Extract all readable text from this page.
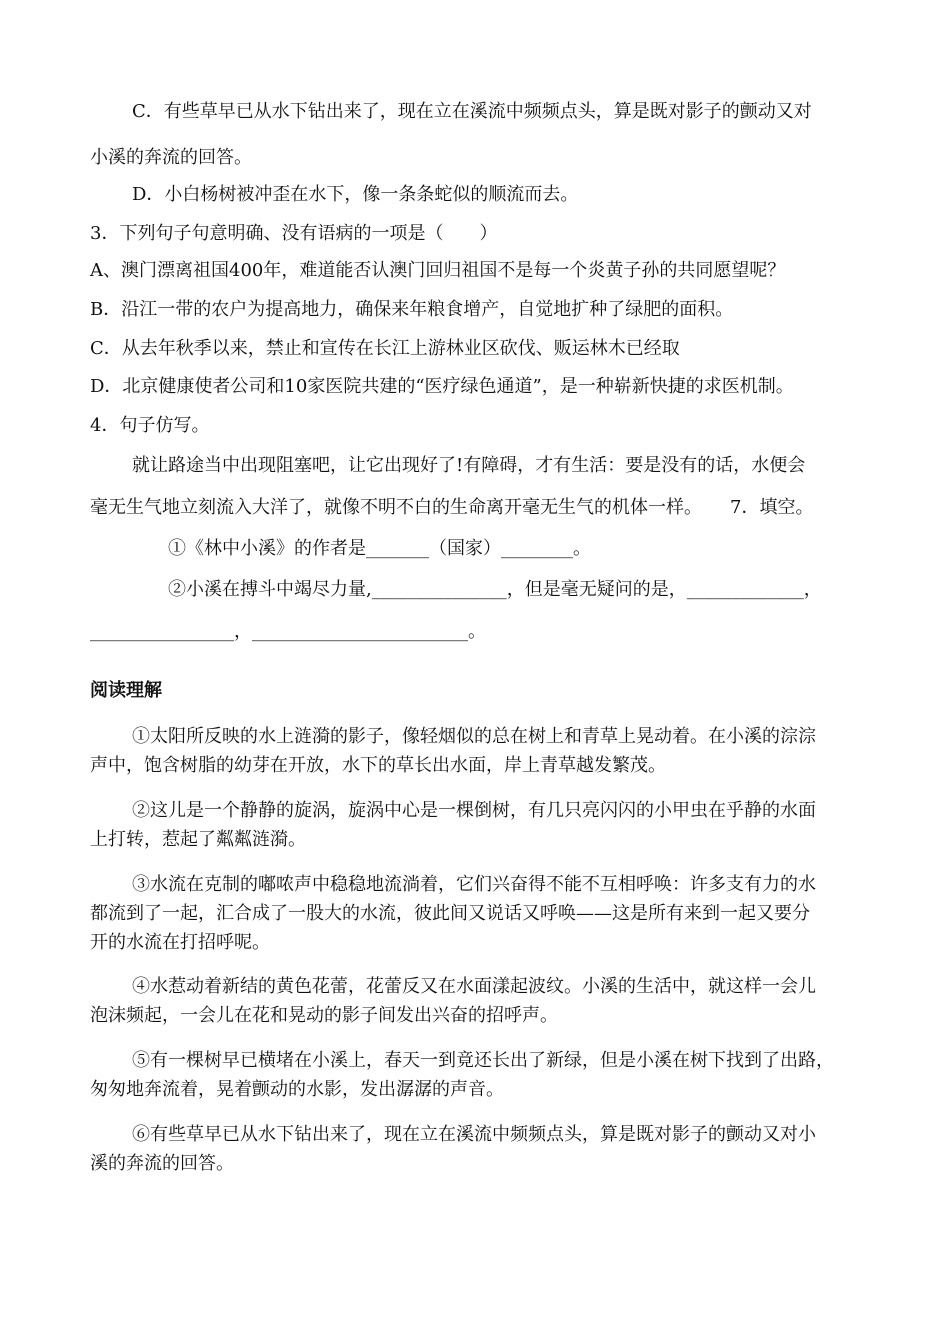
C．有些草早已从水下钻出来了，现在立在溪流中频频点头，算是既对影子的颤动又对
小溪的奔流的回答。
D．小白杨树被冲歪在水下，像一条条蛇似的顺流而去。
3．下列句子句意明确、没有语病的一项是（　　）
A、澳门漂离祖国400年，难道能否认澳门回归祖国不是每一个炎黄子孙的共同愿望呢？
B．沿江一带的农户为提高地力，确保来年粮食增产，自觉地扩种了绿肥的面积。
C．从去年秋季以来，禁止和宣传在长江上游林业区砍伐、贩运林木已经取
D．北京健康使者公司和10家医院共建的“医疗绿色通道”，是一种崭新快捷的求医机制。
4．句子仿写。
就让路途当中出现阻塞吧，让它出现好了!有障碍，才有生活：要是没有的话，水便会
毫无生气地立刻流入大洋了，就像不明不白的生命离开毫无生气的机体一样。 7．填空。
①《林中小溪》的作者是_______（国家）________。
②小溪在搏斗中竭尽力量,_______________，但是毫无疑问的是，_____________，
________________，________________________。
阅读理解
①太阳所反映的水上涟漪的影子，像轻烟似的总在树上和青草上晃动着。在小溪的淙淙
声中，饱含树脂的幼芽在开放，水下的草长出水面，岸上青草越发繁茂。
②这儿是一个静静的旋涡，旋涡中心是一棵倒树，有几只亮闪闪的小甲虫在乎静的水面
上打转，惹起了粼粼涟漪。
③水流在克制的嘟哝声中稳稳地流淌着，它们兴奋得不能不互相呼唤：许多支有力的水
都流到了一起，汇合成了一股大的水流，彼此间又说话又呼唤——这是所有来到一起又要分
开的水流在打招呼呢。
④水惹动着新结的黄色花蕾，花蕾反又在水面漾起波纹。小溪的生活中，就这样一会儿
泡沫频起，一会儿在花和晃动的影子间发出兴奋的招呼声。
⑤有一棵树早已横堵在小溪上，春天一到竟还长出了新绿，但是小溪在树下找到了出路，
匆匆地奔流着，晃着颤动的水影，发出潺潺的声音。
⑥有些草早已从水下钻出来了，现在立在溪流中频频点头，算是既对影子的颤动又对小
溪的奔流的回答。
